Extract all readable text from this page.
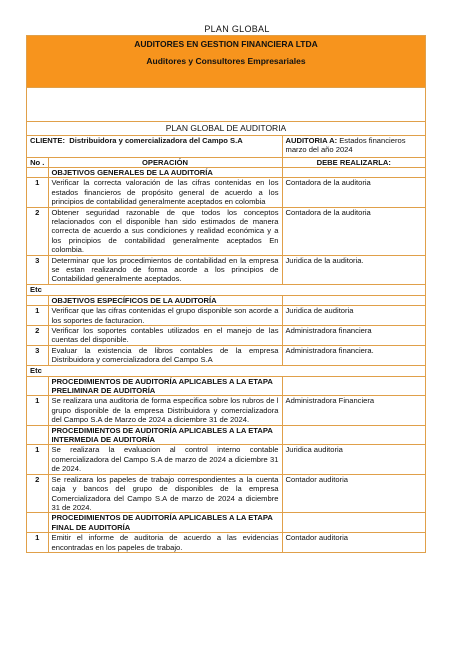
PLAN GLOBAL
AUDITORES EN GESTION FINANCIERA LTDA
Auditores y Consultores Empresariales
PLAN GLOBAL DE AUDITORIA
CLIENTE: Distribuidora y comercializadora del Campo S.A		AUDITORIA A: Estados financieros marzo del año 2024
No .	OPERACIÓN	DEBE REALIZARLA:
	OBJETIVOS GENERALES DE LA AUDITORÍA	
1	Verificar la correcta valoración de las cifras contenidas en los estados financieros de propósito general de acuerdo a los principios de contabilidad generalmente aceptados en colombia	Contadora de la auditoria
2	Obtener seguridad razonable de que todos los conceptos relacionados con el disponible han sido estimados de manera correcta de acuerdo a sus condiciones y realidad económica y a los principios de contabilidad generalmente aceptados En colombia.	Contadora de la auditoria
3	Determinar que los procedimientos de contabilidad en la empresa se estan realizando de forma acorde a los principios de Contabilidad generalmente aceptados.	Juridica de la auditoria.
Etc		
	OBJETIVOS ESPECÍFICOS DE LA AUDITORÍA	
1	Verificar que las cifras contenidas el grupo disponible son acorde a los soportes de facturacion.	Juridica de auditoria
2	Verificar los soportes contables utilizados en el manejo de las cuentas del disponible.	Administradora financiera
3	Evaluar la existencia de libros contables de la empresa Distribuidora y comercializadora del Campo S.A	Administradora financiera.
Etc		
	PROCEDIMIENTOS DE AUDITORÍA APLICABLES A LA ETAPA PRELIMINAR DE AUDITORÍA	
1	Se realizara una auditoria de forma especifica sobre los rubros de l grupo disponible de la empresa Distribuidora y comercializadora del Campo S.A de Marzo de 2024 a diciembre 31 de 2024.	Administradora Financiera
	PROCEDIMIENTOS DE AUDITORÍA APLICABLES A LA ETAPA INTERMEDIA DE AUDITORÍA	
1	Se realizara la evaluacion al control interno contable comercializadora del Campo S.A de marzo de 2024 a diciembre 31 de 2024.	Juridica auditoria
2	Se realizara los papeles de trabajo correspondientes a la cuenta caja y bancos del grupo de disponibles de la empresa Comercializadora del Campo S.A de marzo de 2024 a diciembre 31 de 2024.	Contador auditoria
	PROCEDIMIENTOS DE AUDITORÍA APLICABLES A LA ETAPA FINAL DE AUDITORÍA	
1	Emitir el informe de auditoria de acuerdo a las evidencias encontradas en los papeles de trabajo.	Contador auditoria
